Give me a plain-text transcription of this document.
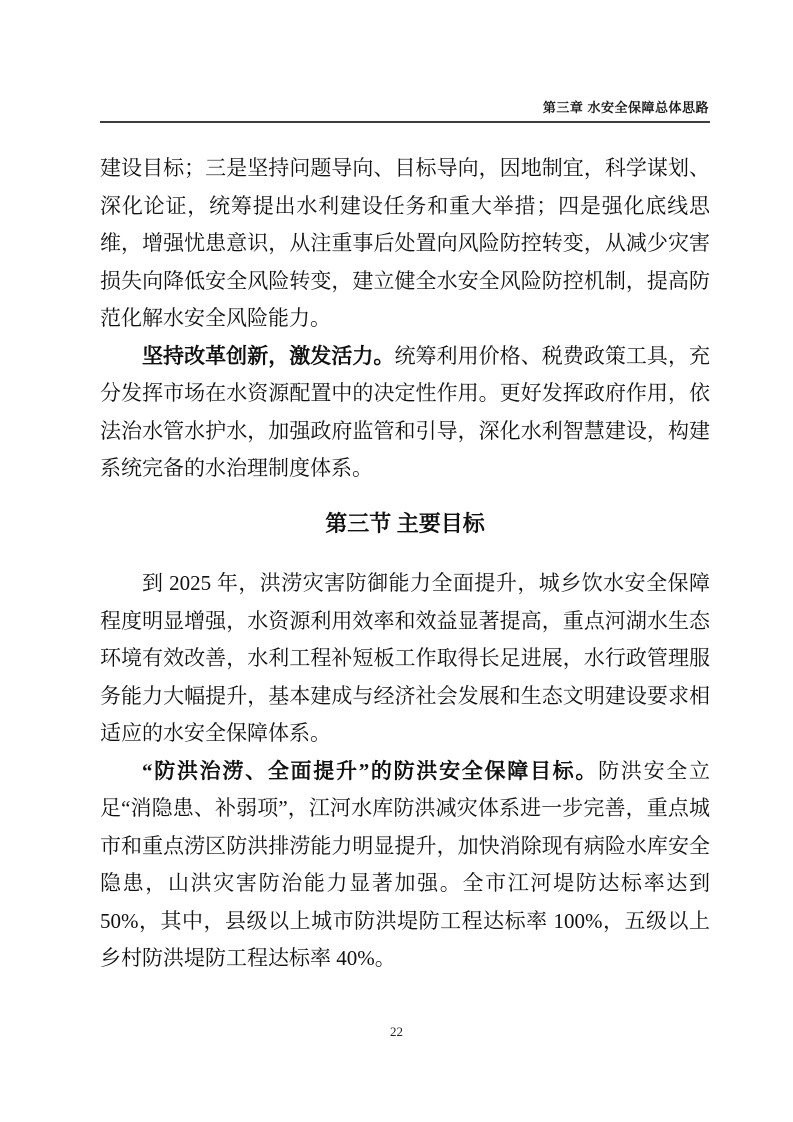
第三章 水安全保障总体思路

建设目标；三是坚持问题导向、目标导向，因地制宜，科学谋划、深化论证，统筹提出水利建设任务和重大举措；四是强化底线思维，增强忧患意识，从注重事后处置向风险防控转变，从减少灾害损失向降低安全风险转变，建立健全水安全风险防控机制，提高防范化解水安全风险能力。

坚持改革创新，激发活力。统筹利用价格、税费政策工具，充分发挥市场在水资源配置中的决定性作用。更好发挥政府作用，依法治水管水护水，加强政府监管和引导，深化水利智慧建设，构建系统完备的水治理制度体系。

第三节 主要目标

到 2025 年，洪涝灾害防御能力全面提升，城乡饮水安全保障程度明显增强，水资源利用效率和效益显著提高，重点河湖水生态环境有效改善，水利工程补短板工作取得长足进展，水行政管理服务能力大幅提升，基本建成与经济社会发展和生态文明建设要求相适应的水安全保障体系。

“防洪治涝、全面提升”的防洪安全保障目标。防洪安全立足“消隐患、补弱项”，江河水库防洪减灾体系进一步完善，重点城市和重点涝区防洪排涝能力明显提升，加快消除现有病险水库安全隐患，山洪灾害防治能力显著加强。全市江河堤防达标率达到 50%，其中，县级以上城市防洪堤防工程达标率 100%，五级以上乡村防洪堤防工程达标率 40%。

22
